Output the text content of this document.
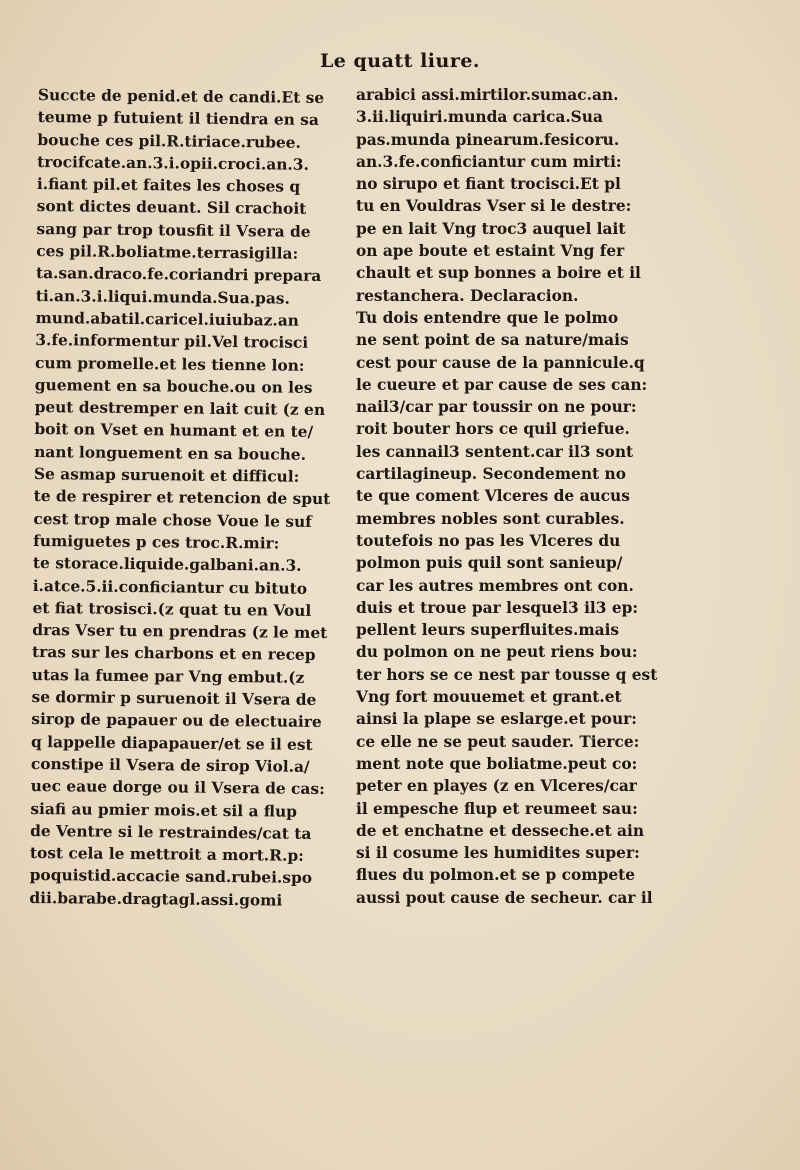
Le quatt liure.
Succte de penid.et de candi.Et se
teume p futuient il tiendra en sa
bouche ces pil.R.tiriace.rubee.
trocifcate.an.3.i.opii.croci.an.3.
i.fiant pil.et faites les choses q
sont dictes deuant. Sil crachoit
sang par trop tousfit il Vsera de
ces pil.R.boliatme.terrasigilla:
ta.san.draco.fe.coriandri prepara
ti.an.3.i.liqui.munda.Sua.pas.
mund.abatil.caricel.iuiubaz.an
3.fe.informentur pil.Vel trocisci
cum promelle.et les tienne lon:
guement en sa bouche.ou on les
peut destremper en lait cuit (z en
boit on Vset en humant et en te/
nant longuement en sa bouche.
Se asmap suruenoit et difficul:
te de respirer et retencion de sput
cest trop male chose Voue le suf
fumiguetes p ces troc.R.mir:
te storace.liquide.galbani.an.3.
i.atce.5.ii.conficiantur cu bituto
et fiat trosisci.(z quat tu en Voul
dras Vser tu en prendras (z le met
tras sur les charbons et en recep
utas la fumee par Vng embut.(z
se dormir p suruenoit il Vsera de
sirop de papauer ou de electuaire
q lappelle diapapauer/et se il est
constipe il Vsera de sirop Viol.a/
uec eaue dorge ou il Vsera de cas:
siafi au pmier mois.et sil a flup
de Ventre si le restraindes/cat ta
tost cela le mettroit a mort.R.p:
poquistid.accacie sand.rubei.spo
dii.barabe.dragtagl.assi.gomi
arabici assi.mirtilor.sumac.an.
3.ii.liquiri.munda carica.Sua
pas.munda pinearum.fesicoru.
an.3.fe.conficiantur cum mirti:
no sirupo et fiant trocisci.Et pl
tu en Vouldras Vser si le destre:
pe en lait Vng troc3 auquel lait
on ape boute et estaint Vng fer
chault et sup bonnes a boire et il
restanchera. Declaracion.
Tu dois entendre que le polmo
ne sent point de sa nature/mais
cest pour cause de la pannicule.q
le cueure et par cause de ses can:
nail3/car par toussir on ne pour:
roit bouter hors ce quil griefue.
les cannail3 sentent.car il3 sont
cartilagineup. Secondement no
te que coment Vlceres de aucus
membres nobles sont curables.
toutefois no pas les Vlceres du
polmon puis quil sont sanieup/
car les autres membres ont con.
duis et troue par lesquel3 il3 ep:
pellent leurs superfluites.mais
du polmon on ne peut riens bou:
ter hors se ce nest par tousse q est
Vng fort mouuemet et grant.et
ainsi la plape se eslarge.et pour:
ce elle ne se peut sauder. Tierce:
ment note que boliatme.peut co:
peter en playes (z en Vlceres/car
il empesche flup et reumeet sau:
de et enchatne et desseche.et ain
si il cosume les humidites super:
flues du polmon.et se p compete
aussi pout cause de secheur. car il
